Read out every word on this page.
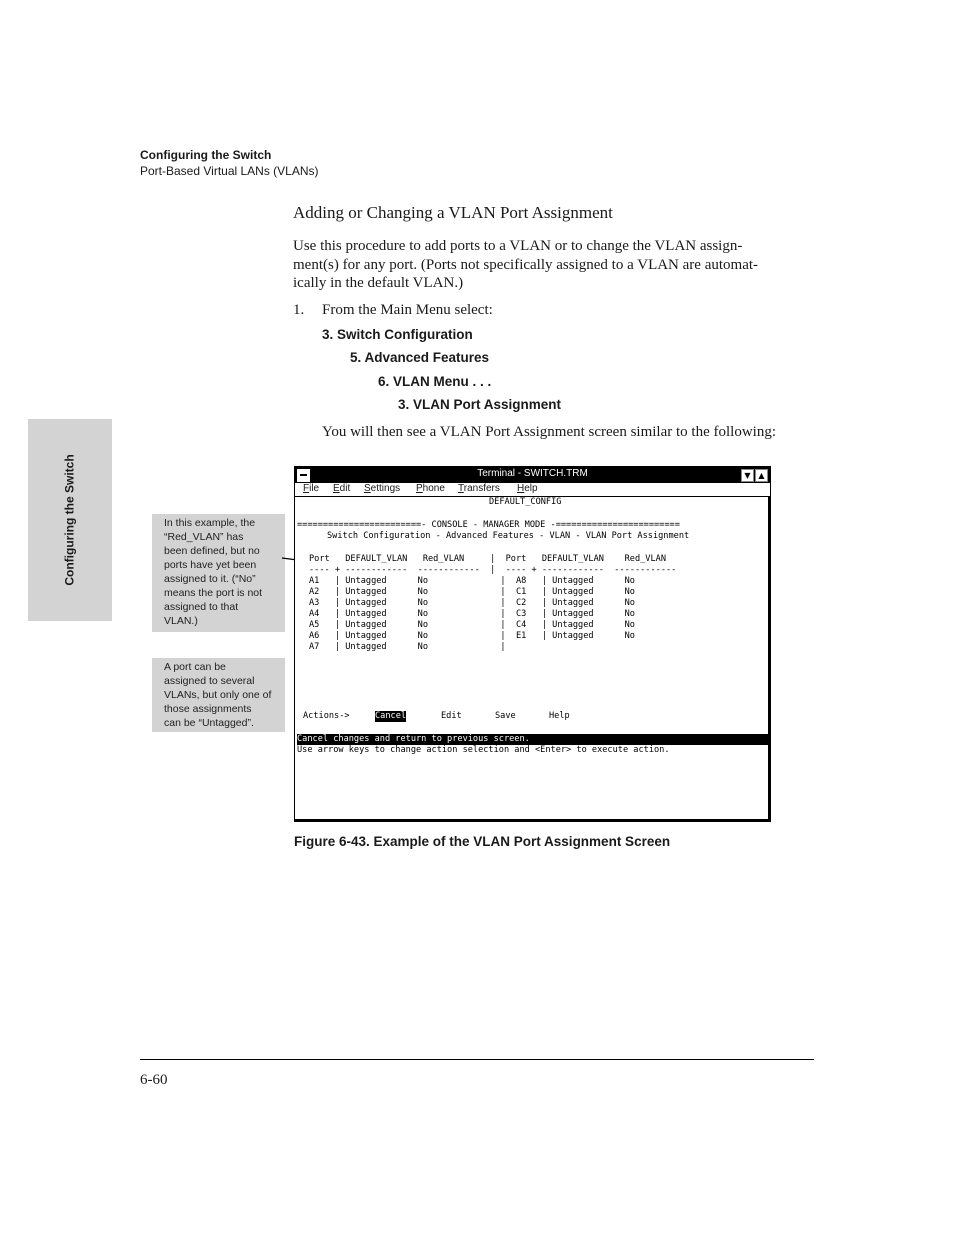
Configuring the Switch
Port-Based Virtual LANs (VLANs)
Configuring the Switch
Adding or Changing a VLAN Port Assignment
Use this procedure to add ports to a VLAN or to change the VLAN assign-
ment(s) for any port. (Ports not specifically assigned to a VLAN are automat-
ically in the default VLAN.)
1. From the Main Menu select:
3. Switch Configuration
5. Advanced Features
6. VLAN Menu . . .
3. VLAN Port Assignment
You will then see a VLAN Port Assignment screen similar to the following:
In this example, the
“Red_VLAN” has
been defined, but no
ports have yet been
assigned to it. (“No”
means the port is not
assigned to that
VLAN.)
A port can be
assigned to several
VLANs, but only one of
those assignments
can be “Untagged”.
Terminal - SWITCH.TRM	▼ ▲
File Edit Settings Phone Transfers Help
DEFAULT_CONFIG
========================- CONSOLE - MANAGER MODE -========================
Switch Configuration - Advanced Features - VLAN - VLAN Port Assignment
Port   DEFAULT_VLAN   Red_VLAN     |  Port   DEFAULT_VLAN    Red_VLAN
---- + ------------  ------------  |  ---- + ------------  ------------
A1   | Untagged      No              |  A8   | Untagged      No
A2   | Untagged      No              |  C1   | Untagged      No
A3   | Untagged      No              |  C2   | Untagged      No
A4   | Untagged      No              |  C3   | Untagged      No
A5   | Untagged      No              |  C4   | Untagged      No
A6   | Untagged      No              |  E1   | Untagged      No
A7   | Untagged      No              |
Actions->	Cancel	Edit	Save	Help
Cancel changes and return to previous screen.
Use arrow keys to change action selection and <Enter> to execute action.
Figure 6-43. Example of the VLAN Port Assignment Screen
6-60
